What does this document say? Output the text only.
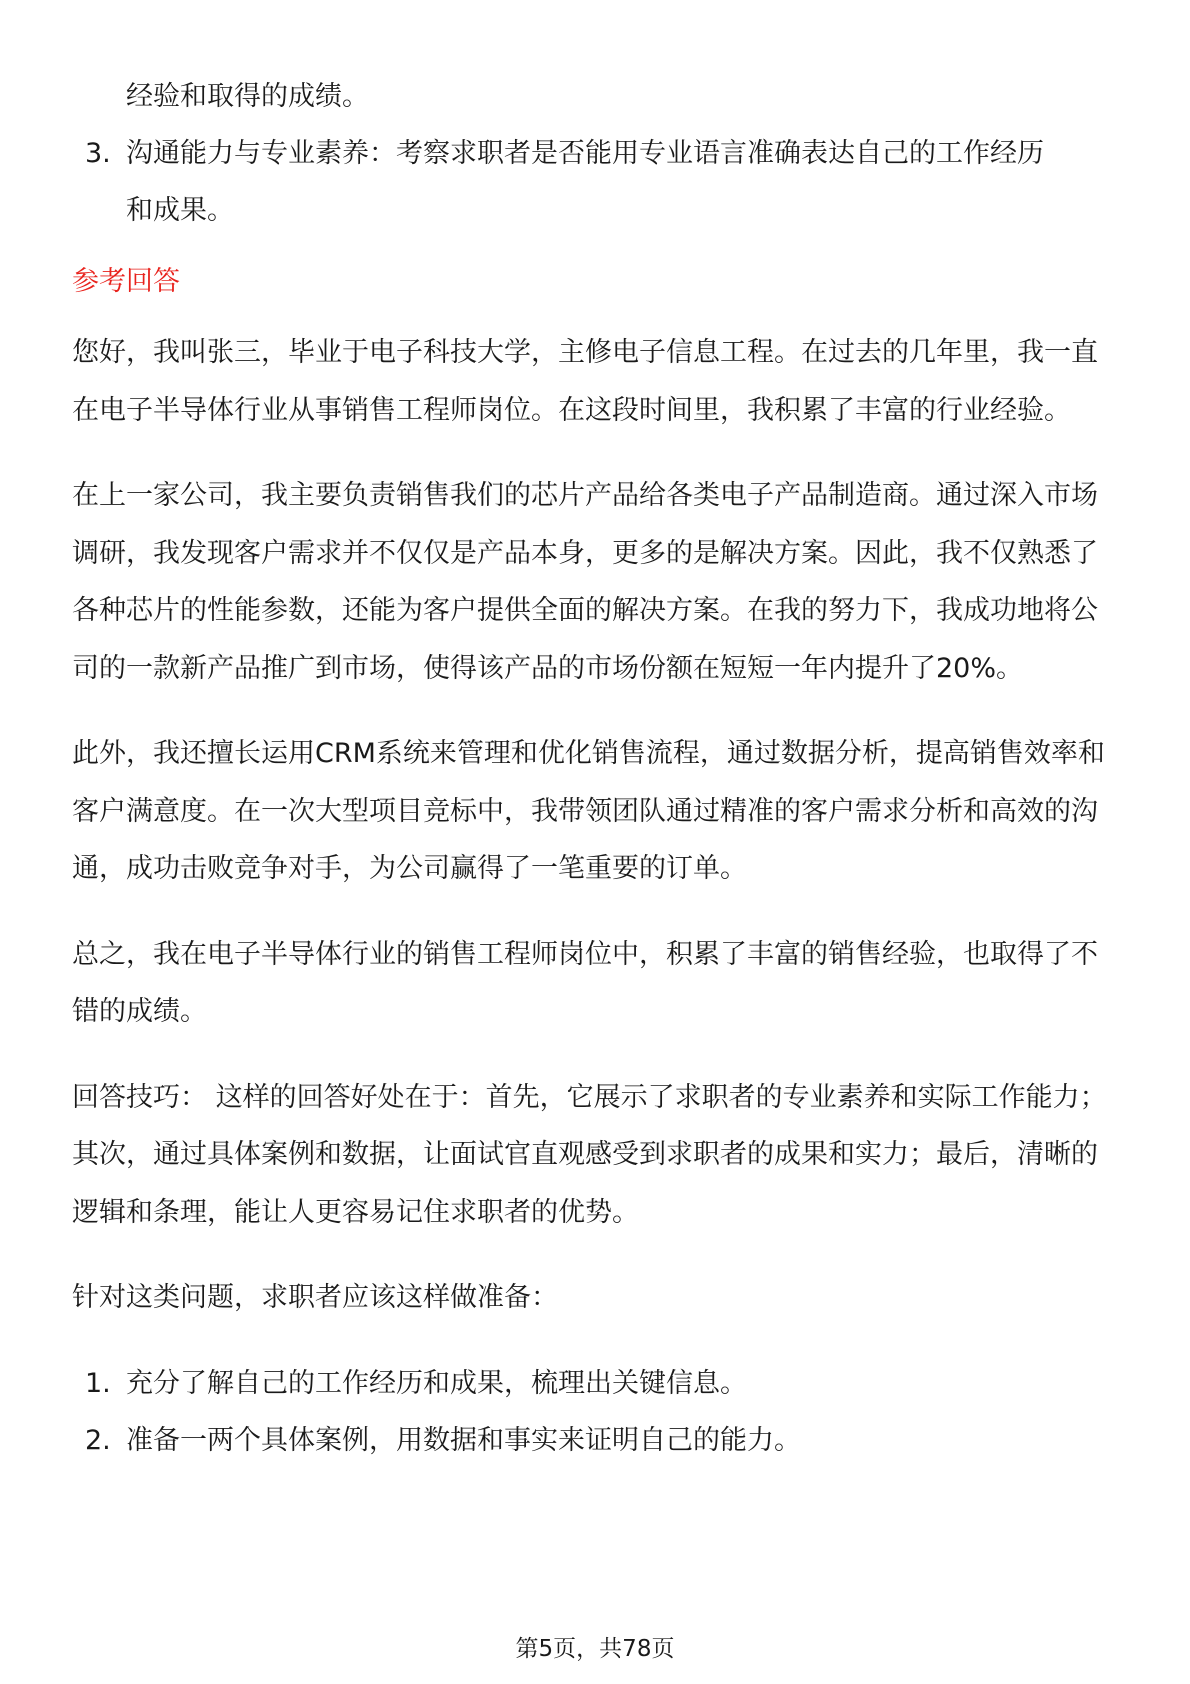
经验和取得的成绩。

3. 沟通能力与专业素养：考察求职者是否能用专业语言准确表达自己的工作经历

和成果。

参考回答

您好，我叫张三，毕业于电子科技大学，主修电子信息工程。在过去的几年里，我一直在电子半导体行业从事销售工程师岗位。在这段时间里，我积累了丰富的行业经验。

在上一家公司，我主要负责销售我们的芯片产品给各类电子产品制造商。通过深入市场调研，我发现客户需求并不仅仅是产品本身，更多的是解决方案。因此，我不仅熟悉了各种芯片的性能参数，还能为客户提供全面的解决方案。在我的努力下，我成功地将公司的一款新产品推广到市场，使得该产品的市场份额在短短一年内提升了20%。

此外，我还擅长运用CRM系统来管理和优化销售流程，通过数据分析，提高销售效率和客户满意度。在一次大型项目竞标中，我带领团队通过精准的客户需求分析和高效的沟通，成功击败竞争对手，为公司赢得了一笔重要的订单。

总之，我在电子半导体行业的销售工程师岗位中，积累了丰富的销售经验，也取得了不错的成绩。

回答技巧： 这样的回答好处在于：首先，它展示了求职者的专业素养和实际工作能力；其次，通过具体案例和数据，让面试官直观感受到求职者的成果和实力；最后，清晰的逻辑和条理，能让人更容易记住求职者的优势。

针对这类问题，求职者应该这样做准备：

1. 充分了解自己的工作经历和成果，梳理出关键信息。

2. 准备一两个具体案例，用数据和事实来证明自己的能力。

第5页，共78页
